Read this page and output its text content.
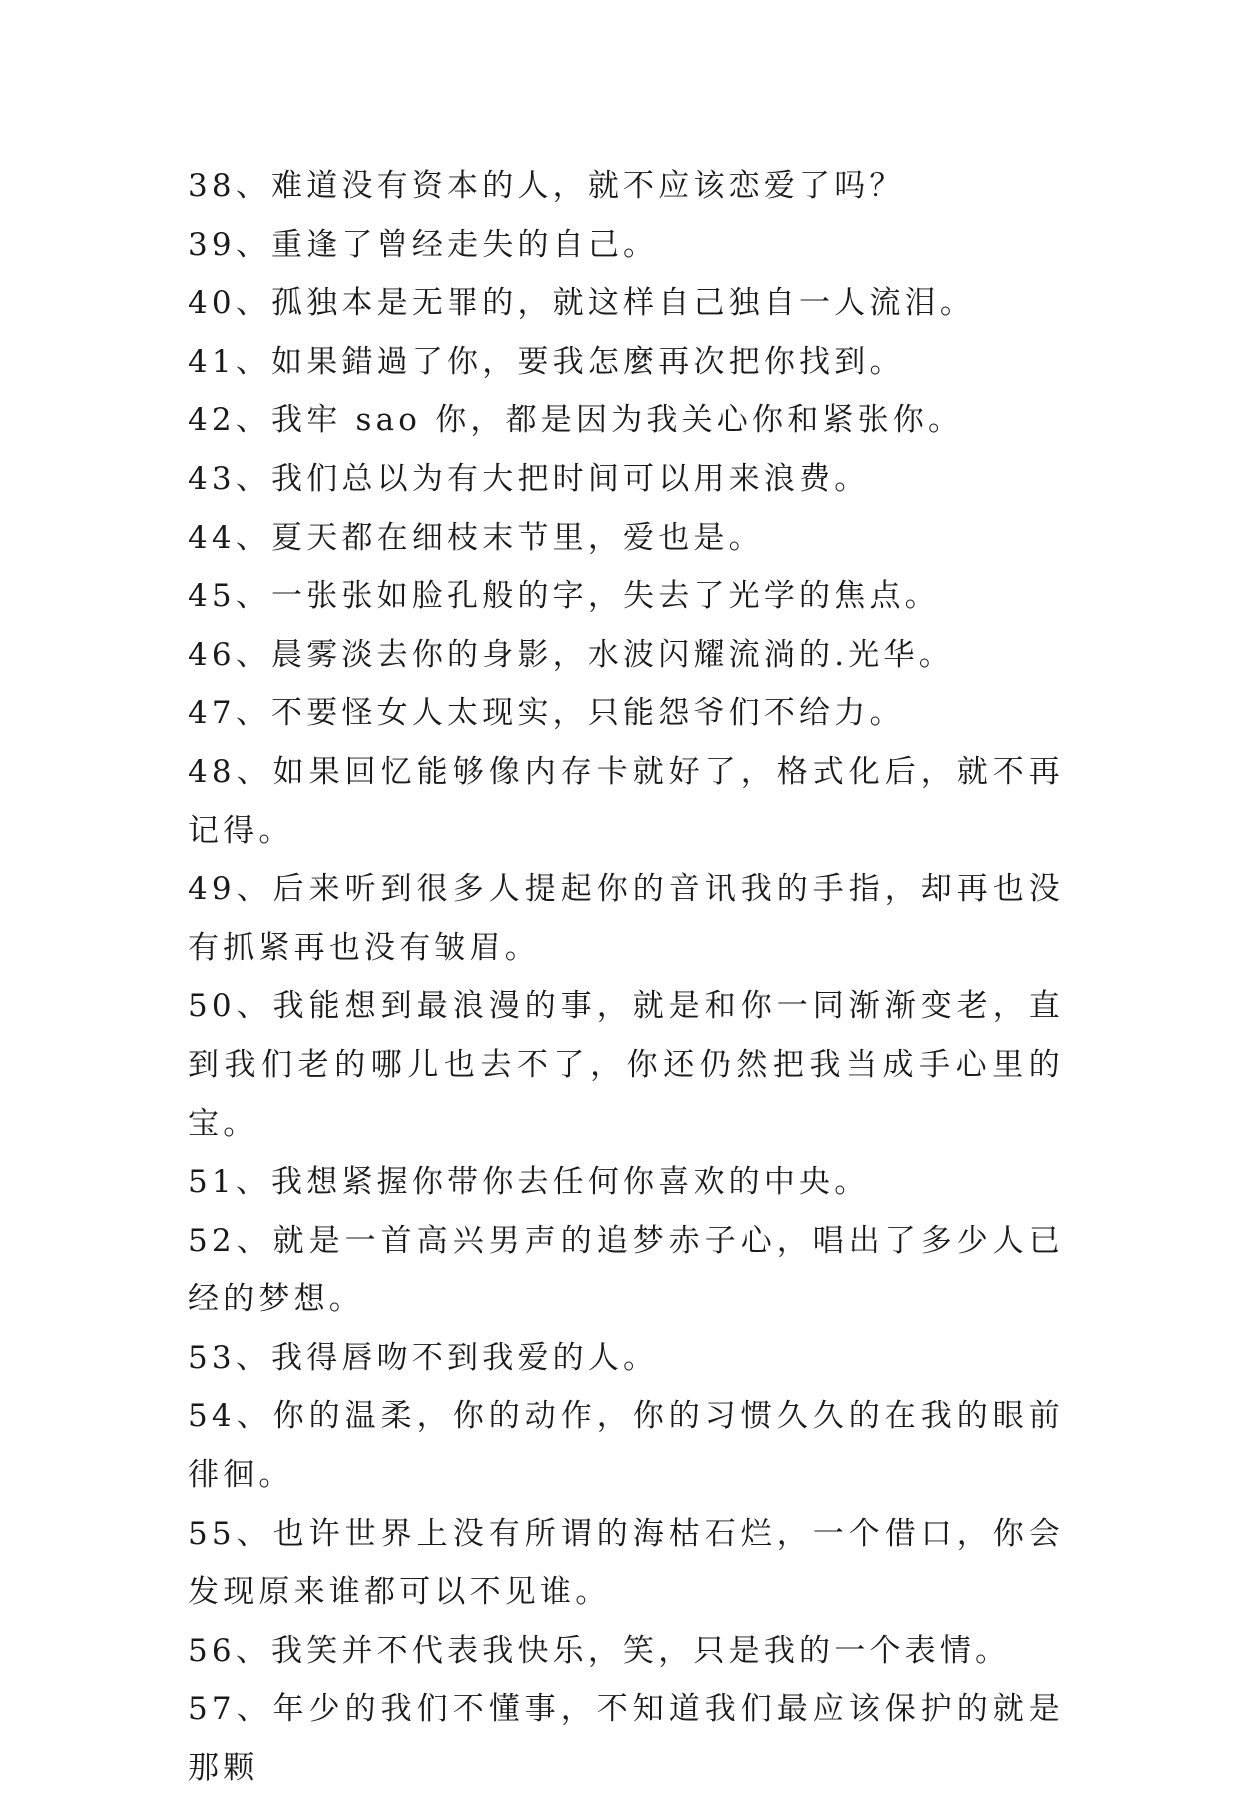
38、难道没有资本的人，就不应该恋爱了吗？

39、重逢了曾经走失的自己。

40、孤独本是无罪的，就这样自己独自一人流泪。

41、如果錯過了你，要我怎麼再次把你找到。

42、我牢 sao 你，都是因为我关心你和紧张你。

43、我们总以为有大把时间可以用来浪费。

44、夏天都在细枝末节里，爱也是。

45、一张张如脸孔般的字，失去了光学的焦点。

46、晨雾淡去你的身影，水波闪耀流淌的.光华。

47、不要怪女人太现实，只能怨爷们不给力。

48、如果回忆能够像内存卡就好了，格式化后，就不再记得。

49、后来听到很多人提起你的音讯我的手指，却再也没有抓紧再也没有皱眉。

50、我能想到最浪漫的事，就是和你一同渐渐变老，直到我们老的哪儿也去不了，你还仍然把我当成手心里的宝。

51、我想紧握你带你去任何你喜欢的中央。

52、就是一首高兴男声的追梦赤子心，唱出了多少人已经的梦想。

53、我得唇吻不到我爱的人。

54、你的温柔，你的动作，你的习惯久久的在我的眼前徘徊。

55、也许世界上没有所谓的海枯石烂，一个借口，你会发现原来谁都可以不见谁。

56、我笑并不代表我快乐，笑，只是我的一个表情。

57、年少的我们不懂事，不知道我们最应该保护的就是那颗
